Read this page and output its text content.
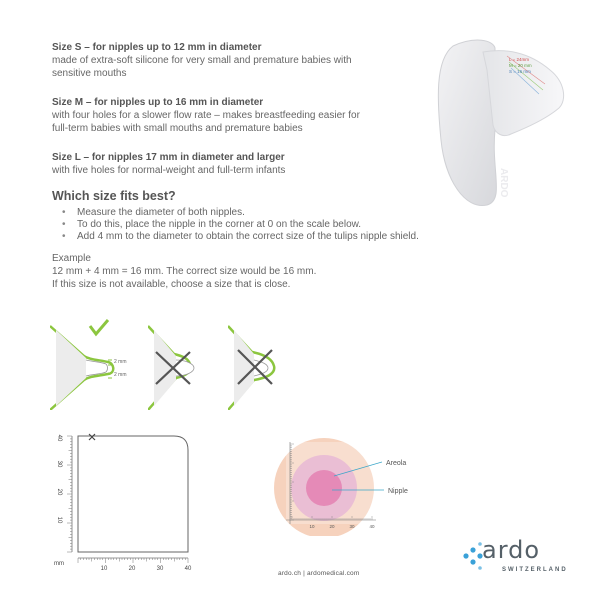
Size S – for nipples up to 12 mm in diameter
made of extra-soft silicone for very small and premature babies with
sensitive mouths
Size M – for nipples up to 16 mm in diameter
with four holes for a slower flow rate – makes breastfeeding easier for
full-term babies with small mouths and premature babies
Size L – for nipples 17 mm in diameter and larger
with five holes for normal-weight and full-term infants
Which size fits best?
• Measure the diameter of both nipples.
• To do this, place the nipple in the corner at 0 on the scale below.
• Add 4 mm to the diameter to obtain the correct size of the tulips nipple shield.
Example
12 mm + 4 mm = 16 mm. The correct size would be 16 mm.
If this size is not available, choose a size that is close.
L = 24mm
M = 20 mm
S = 16 mm
ARDO
2 mm
2 mm
mm
10	20	30	40
40
30
20
10
10	20	30	40
Areola
Nipple
ardo.ch | ardomedical.com
ardo
SWITZERLAND
